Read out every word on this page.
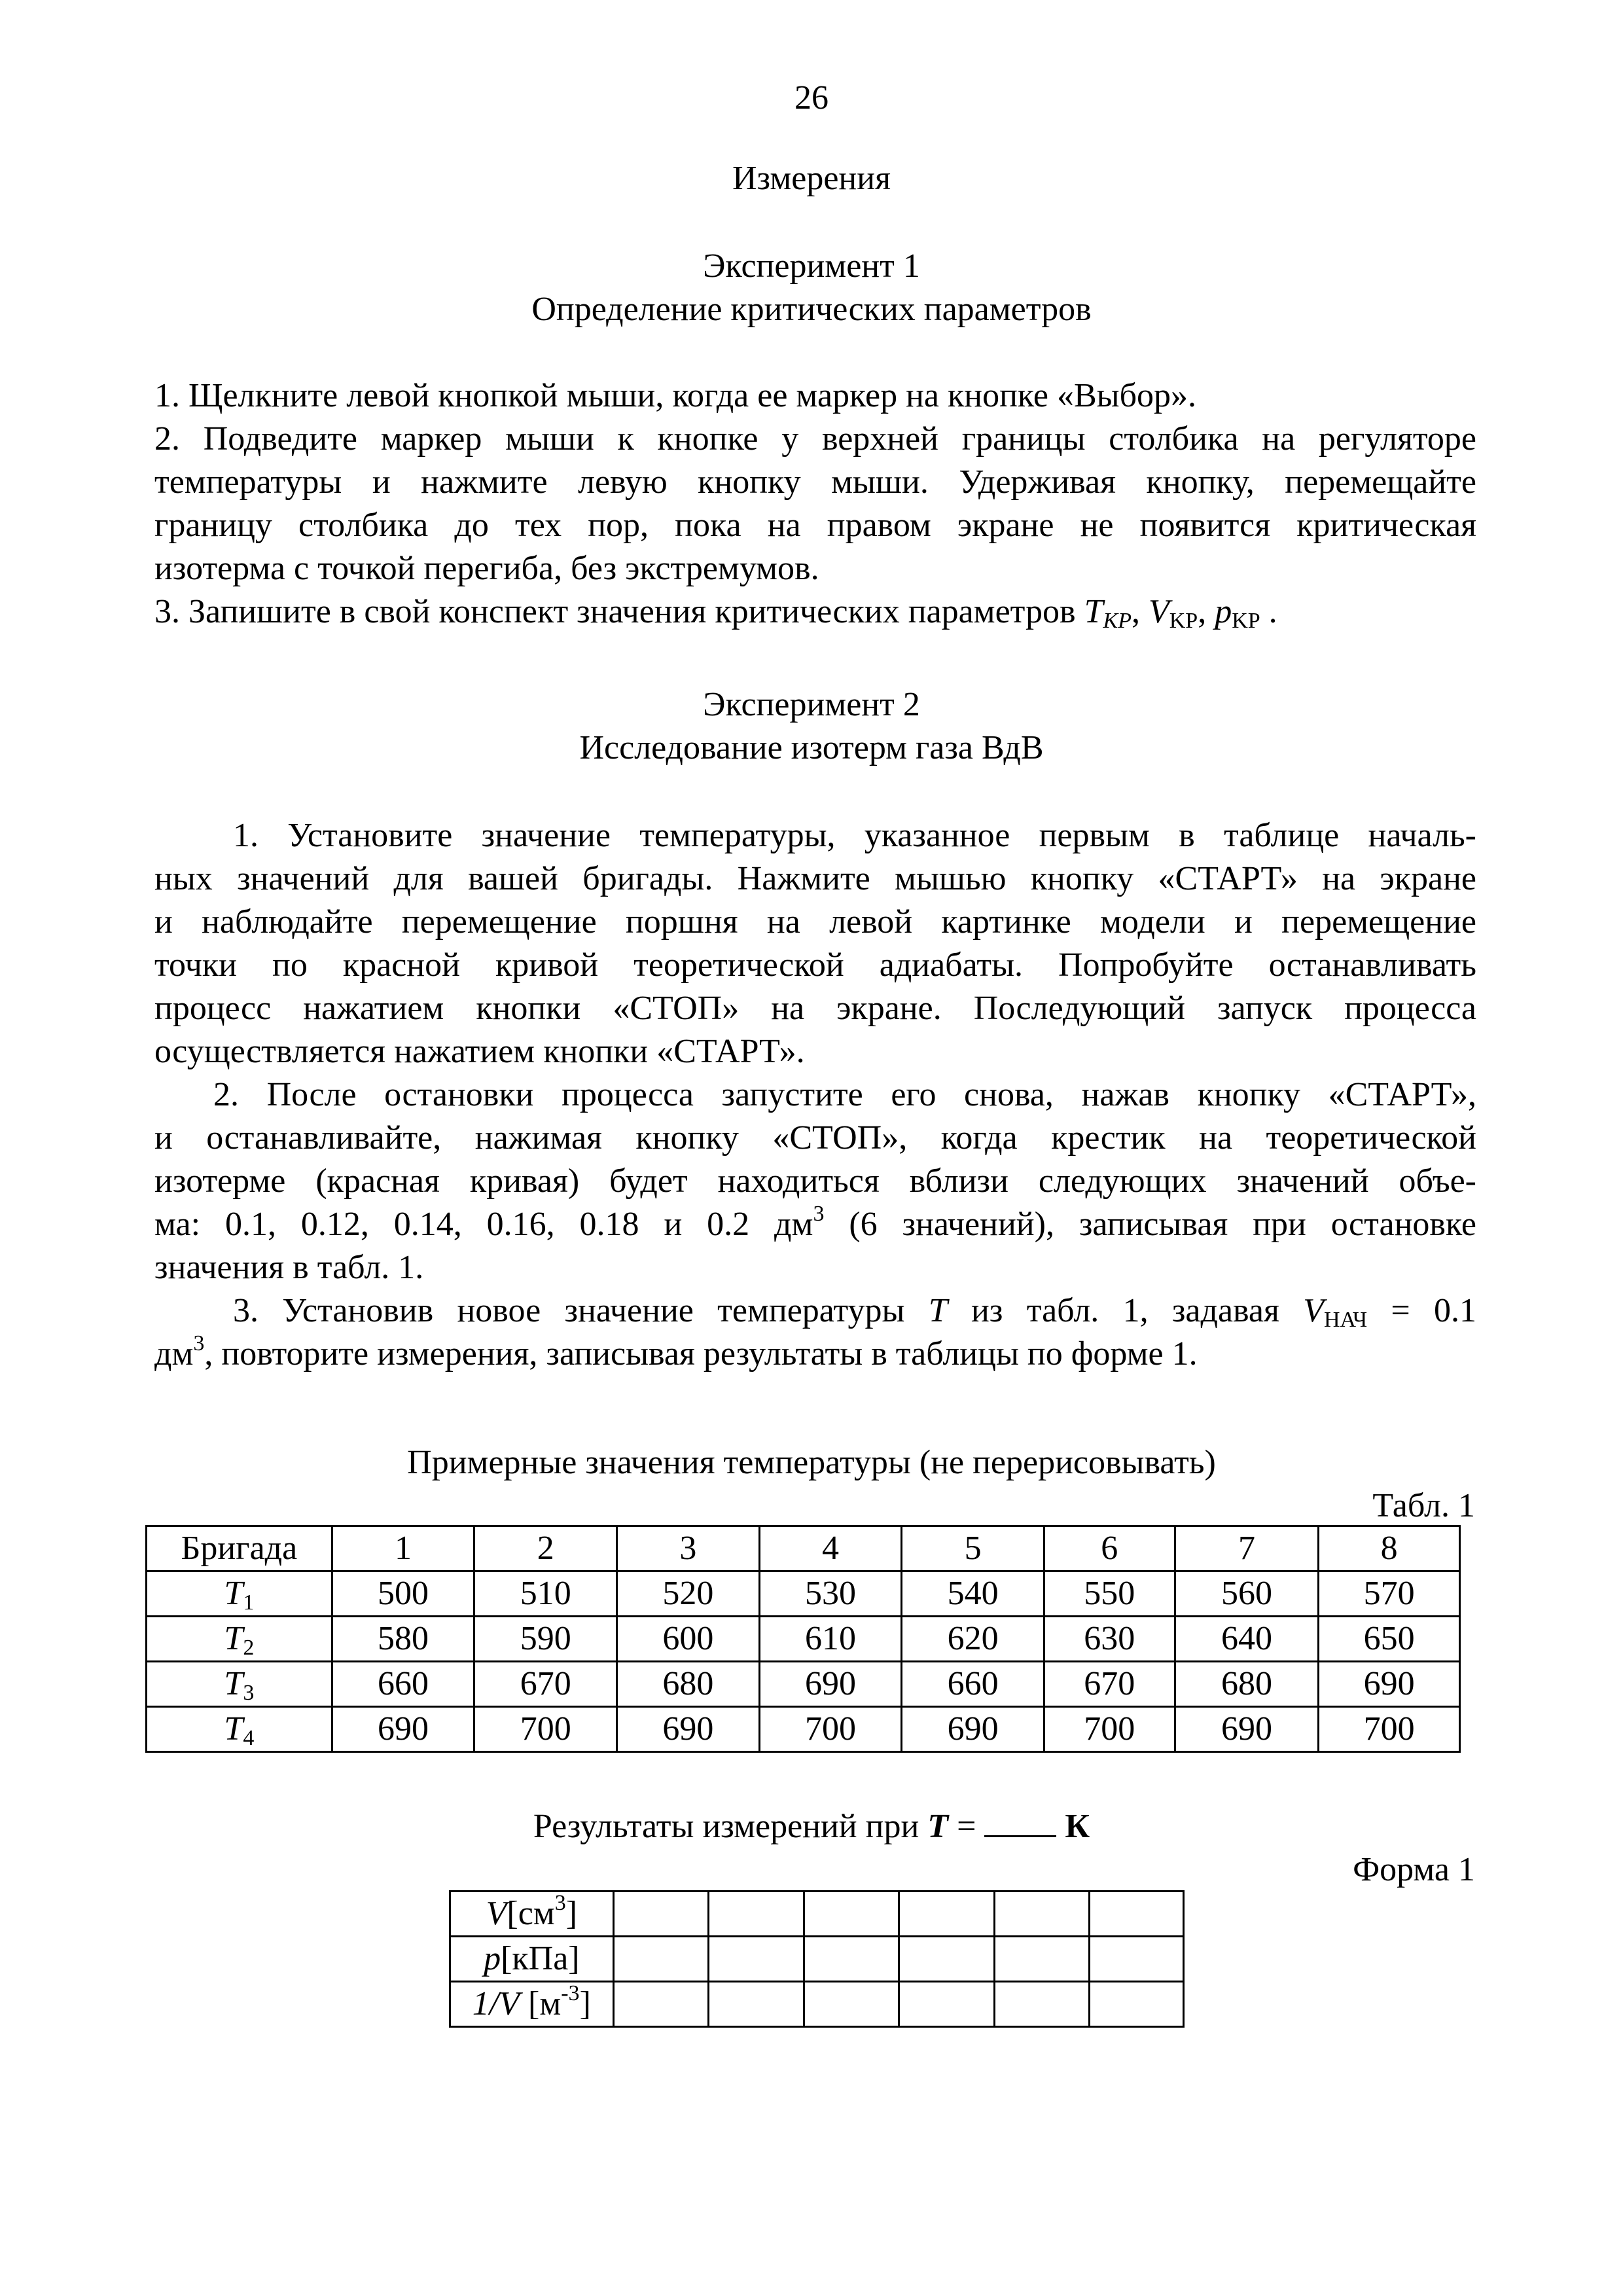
26
Измерения
Эксперимент 1
Определение критических параметров
1. Щелкните левой кнопкой мыши, когда ее маркер на кнопке «Выбор».
2. Подведите маркер мыши к кнопке у верхней границы столбика на регуляторе
температуры и нажмите левую кнопку мыши. Удерживая кнопку, перемещайте
границу столбика до тех пор, пока на правом экране не появится критическая
изотерма с точкой перегиба, без экстремумов.
3. Запишите в свой конспект значения критических параметров $T_{KP}$, $V_{KP}$, $p_{KP}$ .
Эксперимент 2
Исследование изотерм газа ВдВ
1. Установите значение температуры, указанное первым в таблице началь-
ных значений для вашей бригады. Нажмите мышью кнопку «СТАРТ» на экране
и наблюдайте перемещение поршня на левой картинке модели и перемещение
точки по красной кривой теоретической адиабаты. Попробуйте останавливать
процесс нажатием кнопки «СТОП» на экране. Последующий запуск процесса
осуществляется нажатием кнопки «СТАРТ».
2. После остановки процесса запустите его снова, нажав кнопку «СТАРТ»,
и останавливайте, нажимая кнопку «СТОП», когда крестик на теоретической
изотерме (красная кривая) будет находиться вблизи следующих значений объе-
ма: 0.1, 0.12, 0.14, 0.16, 0.18 и 0.2 $дм^3$ (6 значений), записывая при остановке
значения в табл. 1.
3. Установив новое значение температуры T из табл. 1, задавая $V_{НАЧ} = 0.1$
$дм^3$, повторите измерения, записывая результаты в таблицы по форме 1.
Примерные значения температуры (не перерисовывать)
Табл. 1
Бригада	1	2	3	4	5	6	7	8
$T_1$	500	510	520	530	540	550	560	570
$T_2$	580	590	600	610	620	630	640	650
$T_3$	660	670	680	690	660	670	680	690
$T_4$	690	700	690	700	690	700	690	700
Результаты измерений при T =  К
Форма 1
$V[см^3]$						
p[кПа]						
1/V $[м^{-3}]$						
